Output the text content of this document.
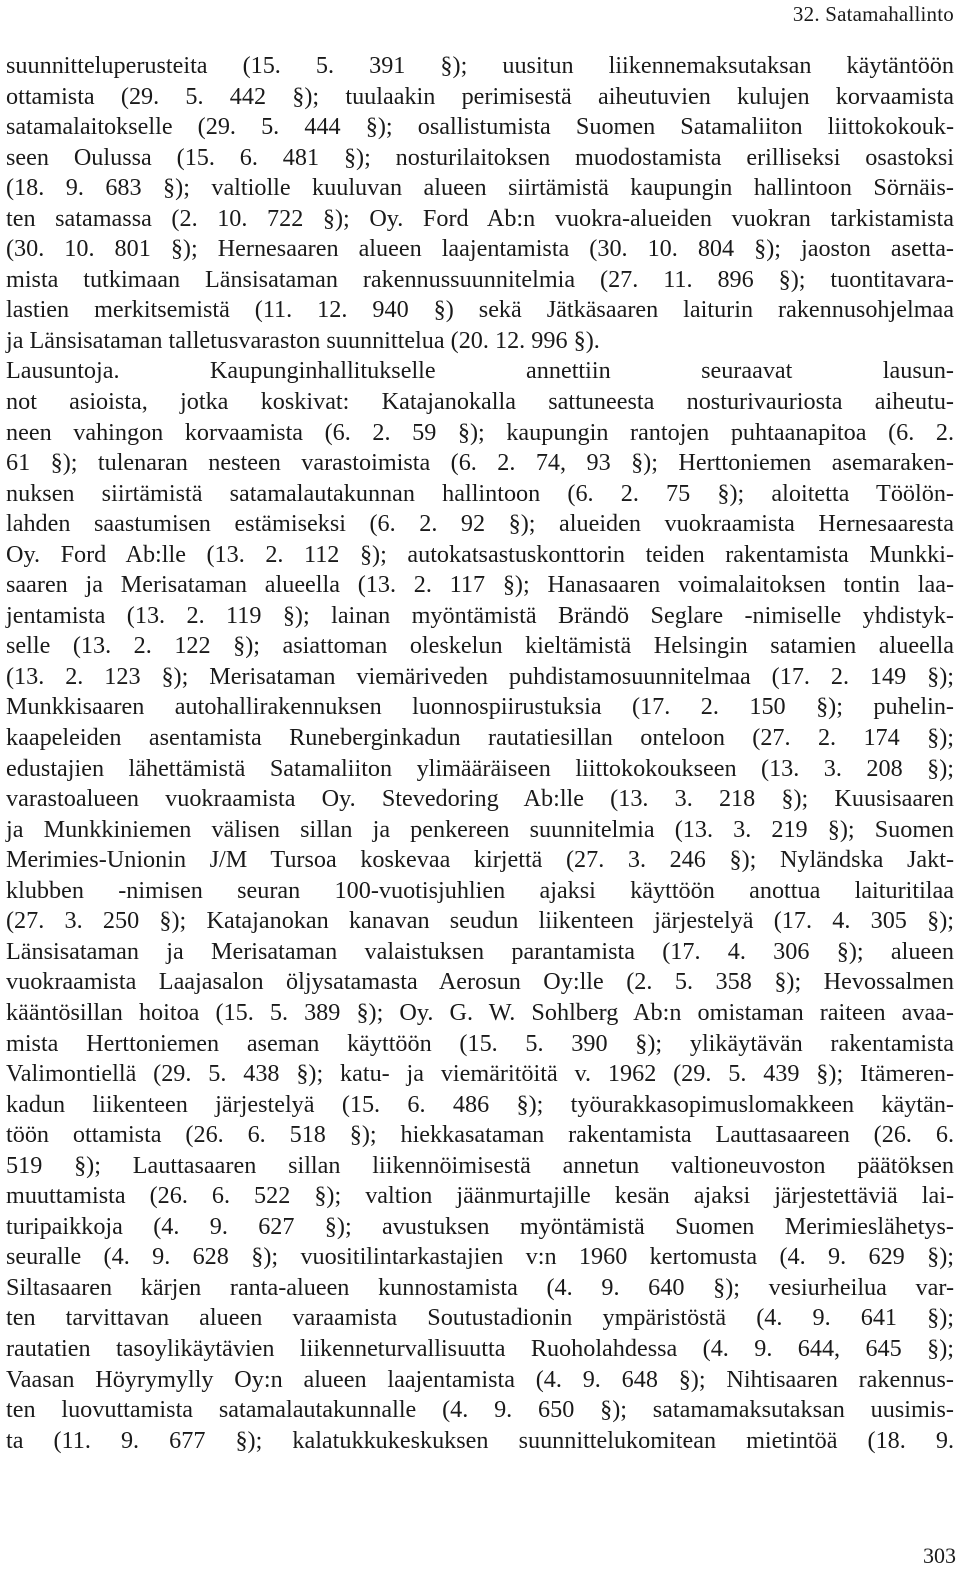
32. Satamahallinto
suunnitteluperusteita (15. 5. 391 §); uusitun liikennemaksutaksan käytäntöön
ottamista (29. 5. 442 §); tuulaakin perimisestä aiheutuvien kulujen korvaamista
satamalaitokselle (29. 5. 444 §); osallistumista Suomen Satamaliiton liittokokouk-
seen Oulussa (15. 6. 481 §); nosturilaitoksen muodostamista erilliseksi osastoksi
(18. 9. 683 §); valtiolle kuuluvan alueen siirtämistä kaupungin hallintoon Sörnäis-
ten satamassa (2. 10. 722 §); Oy. Ford Ab:n vuokra-alueiden vuokran tarkistamista
(30. 10. 801 §); Hernesaaren alueen laajentamista (30. 10. 804 §); jaoston asetta-
mista tutkimaan Länsisataman rakennussuunnitelmia (27. 11. 896 §); tuontitavara-
lastien merkitsemistä (11. 12. 940 §) sekä Jätkäsaaren laiturin rakennusohjelmaa
ja Länsisataman talletusvaraston suunnittelua (20. 12. 996 §).
Lausuntoja. Kaupunginhallitukselle annettiin seuraavat lausun-
not asioista, jotka koskivat: Katajanokalla sattuneesta nosturivauriosta aiheutu-
neen vahingon korvaamista (6. 2. 59 §); kaupungin rantojen puhtaanapitoa (6. 2.
61 §); tulenaran nesteen varastoimista (6. 2. 74, 93 §); Herttoniemen asemaraken-
nuksen siirtämistä satamalautakunnan hallintoon (6. 2. 75 §); aloitetta Töölön-
lahden saastumisen estämiseksi (6. 2. 92 §); alueiden vuokraamista Hernesaaresta
Oy. Ford Ab:lle (13. 2. 112 §); autokatsastuskonttorin teiden rakentamista Munkki-
saaren ja Merisataman alueella (13. 2. 117 §); Hanasaaren voimalaitoksen tontin laa-
jentamista (13. 2. 119 §); lainan myöntämistä Brändö Seglare -nimiselle yhdistyk-
selle (13. 2. 122 §); asiattoman oleskelun kieltämistä Helsingin satamien alueella
(13. 2. 123 §); Merisataman viemäriveden puhdistamosuunnitelmaa (17. 2. 149 §);
Munkkisaaren autohallirakennuksen luonnospiirustuksia (17. 2. 150 §); puhelin-
kaapeleiden asentamista Runeberginkadun rautatiesillan onteloon (27. 2. 174 §);
edustajien lähettämistä Satamaliiton ylimääräiseen liittokokoukseen (13. 3. 208 §);
varastoalueen vuokraamista Oy. Stevedoring Ab:lle (13. 3. 218 §); Kuusisaaren
ja Munkkiniemen välisen sillan ja penkereen suunnitelmia (13. 3. 219 §); Suomen
Merimies-Unionin J/M Tursoa koskevaa kirjettä (27. 3. 246 §); Nyländska Jakt-
klubben -nimisen seuran 100-vuotisjuhlien ajaksi käyttöön anottua laituritilaa
(27. 3. 250 §); Katajanokan kanavan seudun liikenteen järjestelyä (17. 4. 305 §);
Länsisataman ja Merisataman valaistuksen parantamista (17. 4. 306 §); alueen
vuokraamista Laajasalon öljysatamasta Aerosun Oy:lle (2. 5. 358 §); Hevossalmen
kääntösillan hoitoa (15. 5. 389 §); Oy. G. W. Sohlberg Ab:n omistaman raiteen avaa-
mista Herttoniemen aseman käyttöön (15. 5. 390 §); ylikäytävän rakentamista
Valimontiellä (29. 5. 438 §); katu- ja viemäritöitä v. 1962 (29. 5. 439 §); Itämeren-
kadun liikenteen järjestelyä (15. 6. 486 §); työurakkasopimuslomakkeen käytän-
töön ottamista (26. 6. 518 §); hiekkasataman rakentamista Lauttasaareen (26. 6.
519 §); Lauttasaaren sillan liikennöimisestä annetun valtioneuvoston päätöksen
muuttamista (26. 6. 522 §); valtion jäänmurtajille kesän ajaksi järjestettäviä lai-
turipaikkoja (4. 9. 627 §); avustuksen myöntämistä Suomen Merimieslähetys-
seuralle (4. 9. 628 §); vuositilintarkastajien v:n 1960 kertomusta (4. 9. 629 §);
Siltasaaren kärjen ranta-alueen kunnostamista (4. 9. 640 §); vesiurheilua var-
ten tarvittavan alueen varaamista Soutustadionin ympäristöstä (4. 9. 641 §);
rautatien tasoylikäytävien liikenneturvallisuutta Ruoholahdessa (4. 9. 644, 645 §);
Vaasan Höyrymylly Oy:n alueen laajentamista (4. 9. 648 §); Nihtisaaren rakennus-
ten luovuttamista satamalautakunnalle (4. 9. 650 §); satamamaksutaksan uusimis-
ta (11. 9. 677 §); kalatukkukeskuksen suunnittelukomitean mietintöä (18. 9.
303
